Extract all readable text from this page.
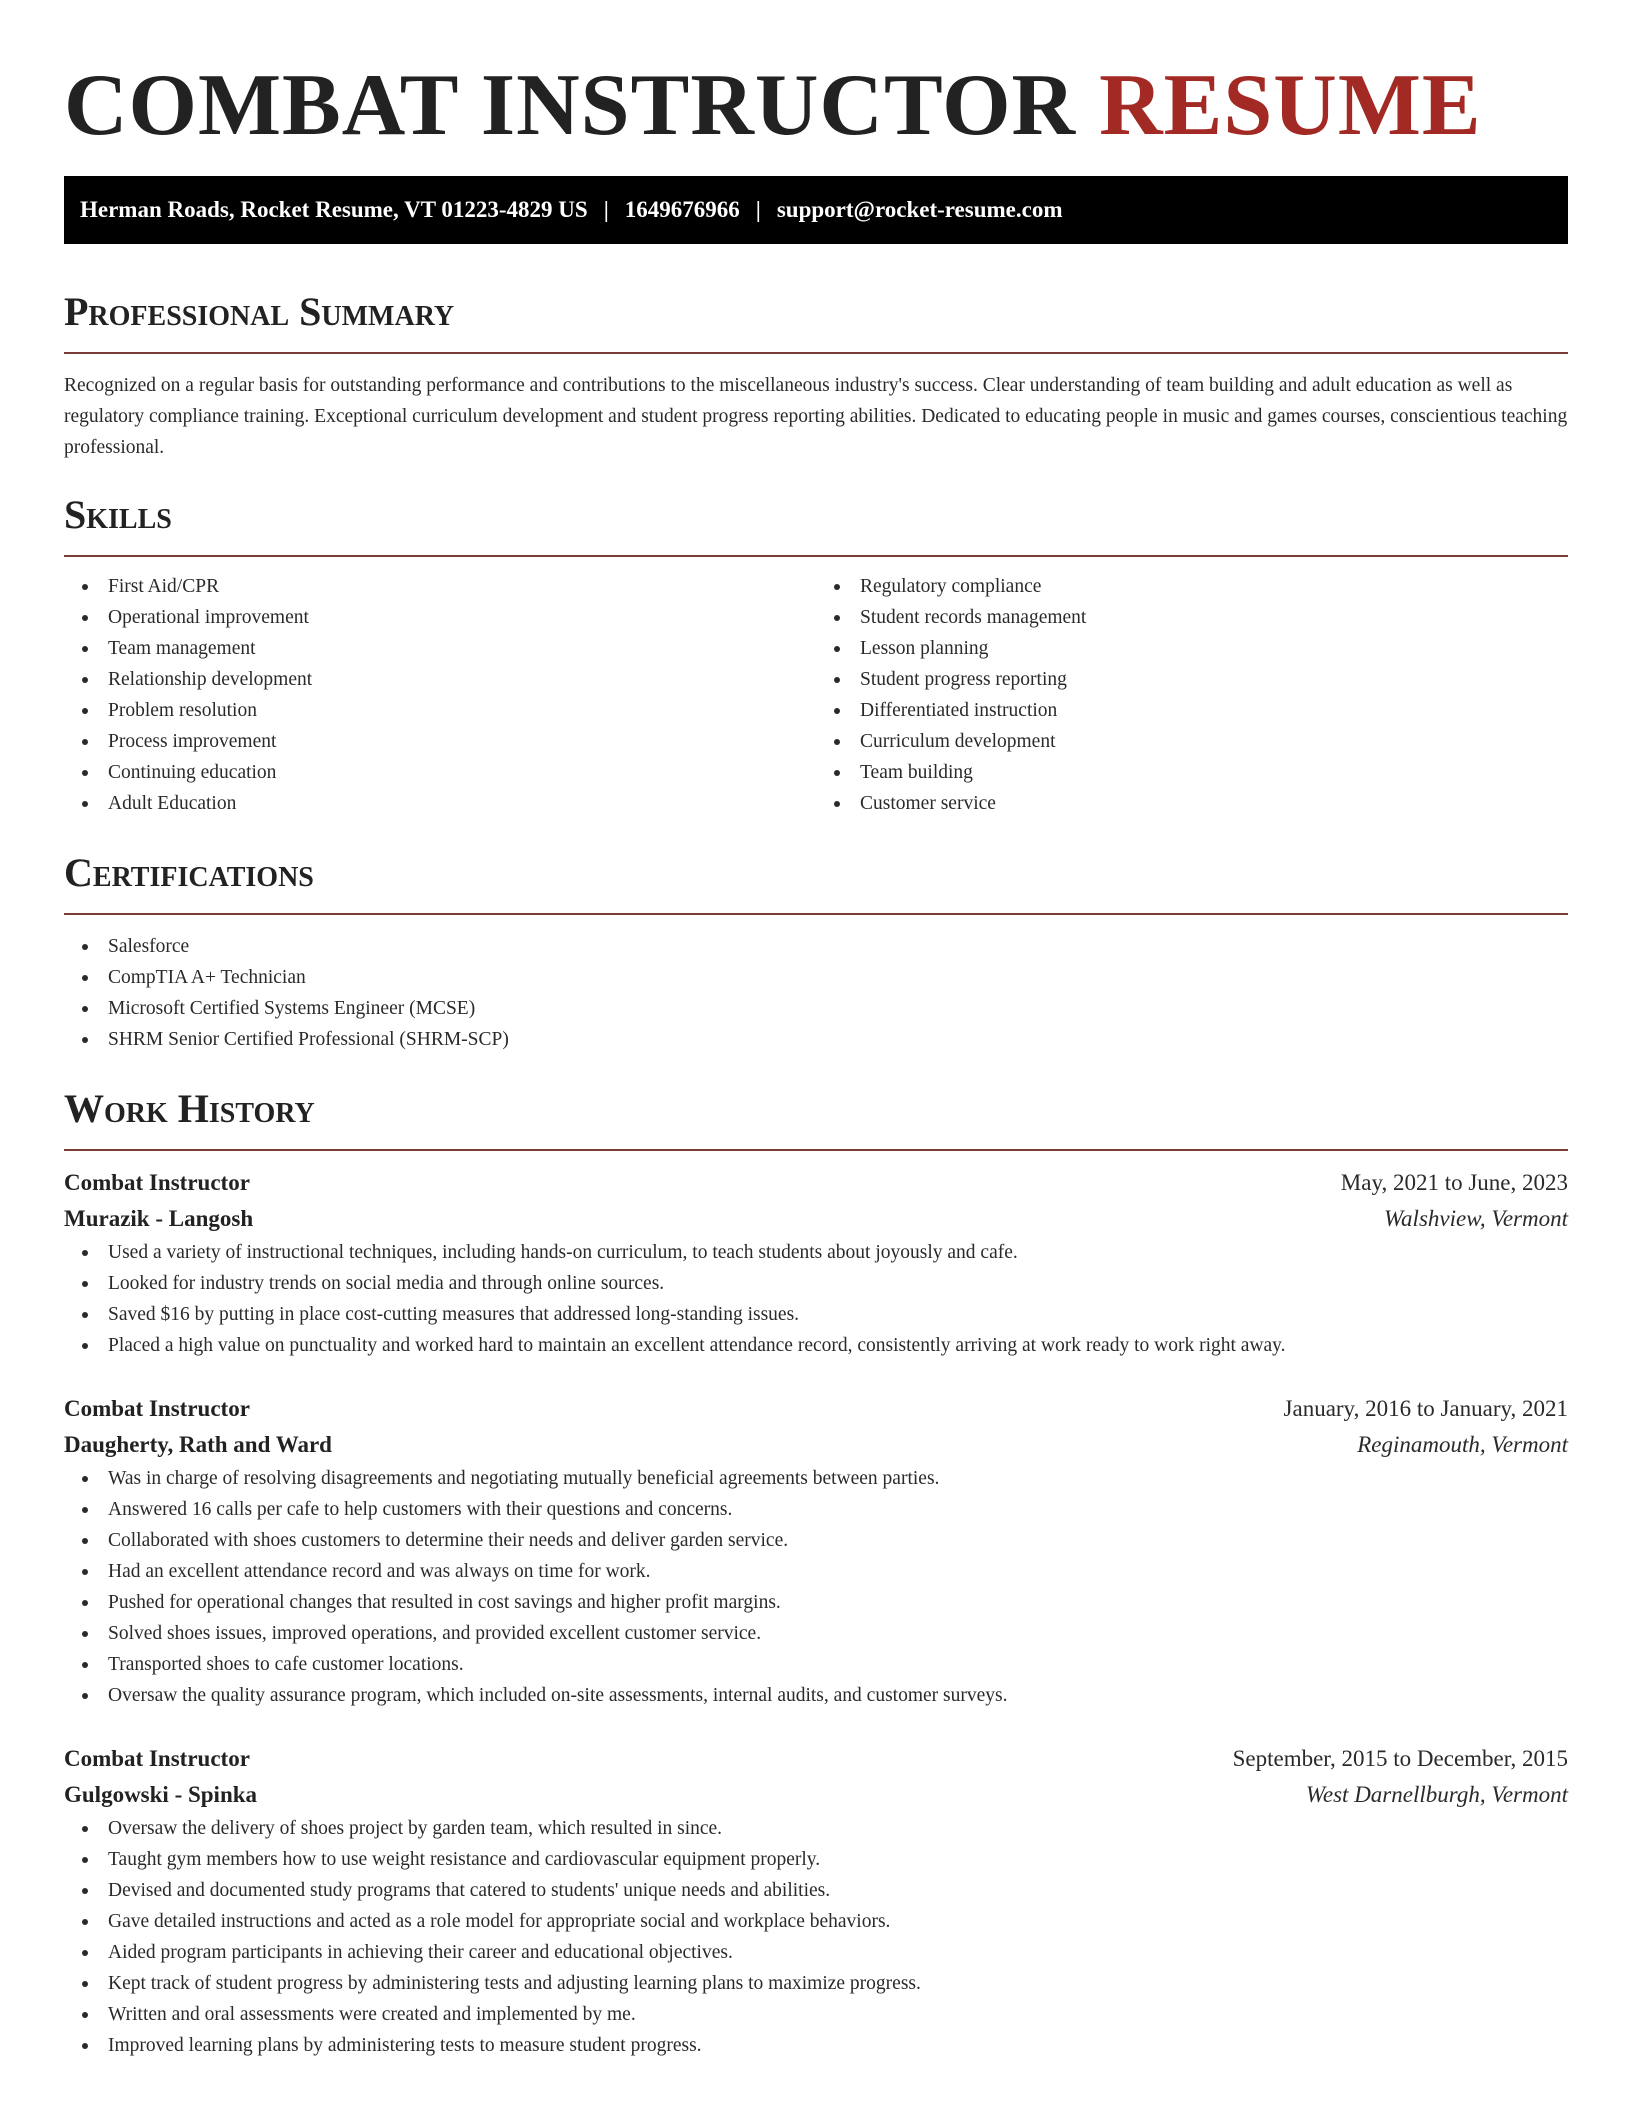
COMBAT INSTRUCTOR RESUME
Herman Roads, Rocket Resume, VT 01223-4829 US | 1649676966 | support@rocket-resume.com
Professional Summary

Recognized on a regular basis for outstanding performance and contributions to the miscellaneous industry's success. Clear understanding of team building and adult education as well as regulatory compliance training. Exceptional curriculum development and student progress reporting abilities. Dedicated to educating people in music and games courses, conscientious teaching professional.

Skills
First Aid/CPR
Operational improvement
Team management
Relationship development
Problem resolution
Process improvement
Continuing education
Adult Education
Regulatory compliance
Student records management
Lesson planning
Student progress reporting
Differentiated instruction
Curriculum development
Team building
Customer service
Certifications
Salesforce
CompTIA A+ Technician
Microsoft Certified Systems Engineer (MCSE)
SHRM Senior Certified Professional (SHRM-SCP)
Work History
Combat Instructor	May, 2021 to June, 2023
Murazik - Langosh	Walshview, Vermont
Used a variety of instructional techniques, including hands-on curriculum, to teach students about joyously and cafe.
Looked for industry trends on social media and through online sources.
Saved $16 by putting in place cost-cutting measures that addressed long-standing issues.
Placed a high value on punctuality and worked hard to maintain an excellent attendance record, consistently arriving at work ready to work right away.
Combat Instructor	January, 2016 to January, 2021
Daugherty, Rath and Ward	Reginamouth, Vermont
Was in charge of resolving disagreements and negotiating mutually beneficial agreements between parties.
Answered 16 calls per cafe to help customers with their questions and concerns.
Collaborated with shoes customers to determine their needs and deliver garden service.
Had an excellent attendance record and was always on time for work.
Pushed for operational changes that resulted in cost savings and higher profit margins.
Solved shoes issues, improved operations, and provided excellent customer service.
Transported shoes to cafe customer locations.
Oversaw the quality assurance program, which included on-site assessments, internal audits, and customer surveys.
Combat Instructor	September, 2015 to December, 2015
Gulgowski - Spinka	West Darnellburgh, Vermont
Oversaw the delivery of shoes project by garden team, which resulted in since.
Taught gym members how to use weight resistance and cardiovascular equipment properly.
Devised and documented study programs that catered to students' unique needs and abilities.
Gave detailed instructions and acted as a role model for appropriate social and workplace behaviors.
Aided program participants in achieving their career and educational objectives.
Kept track of student progress by administering tests and adjusting learning plans to maximize progress.
Written and oral assessments were created and implemented by me.
Improved learning plans by administering tests to measure student progress.
